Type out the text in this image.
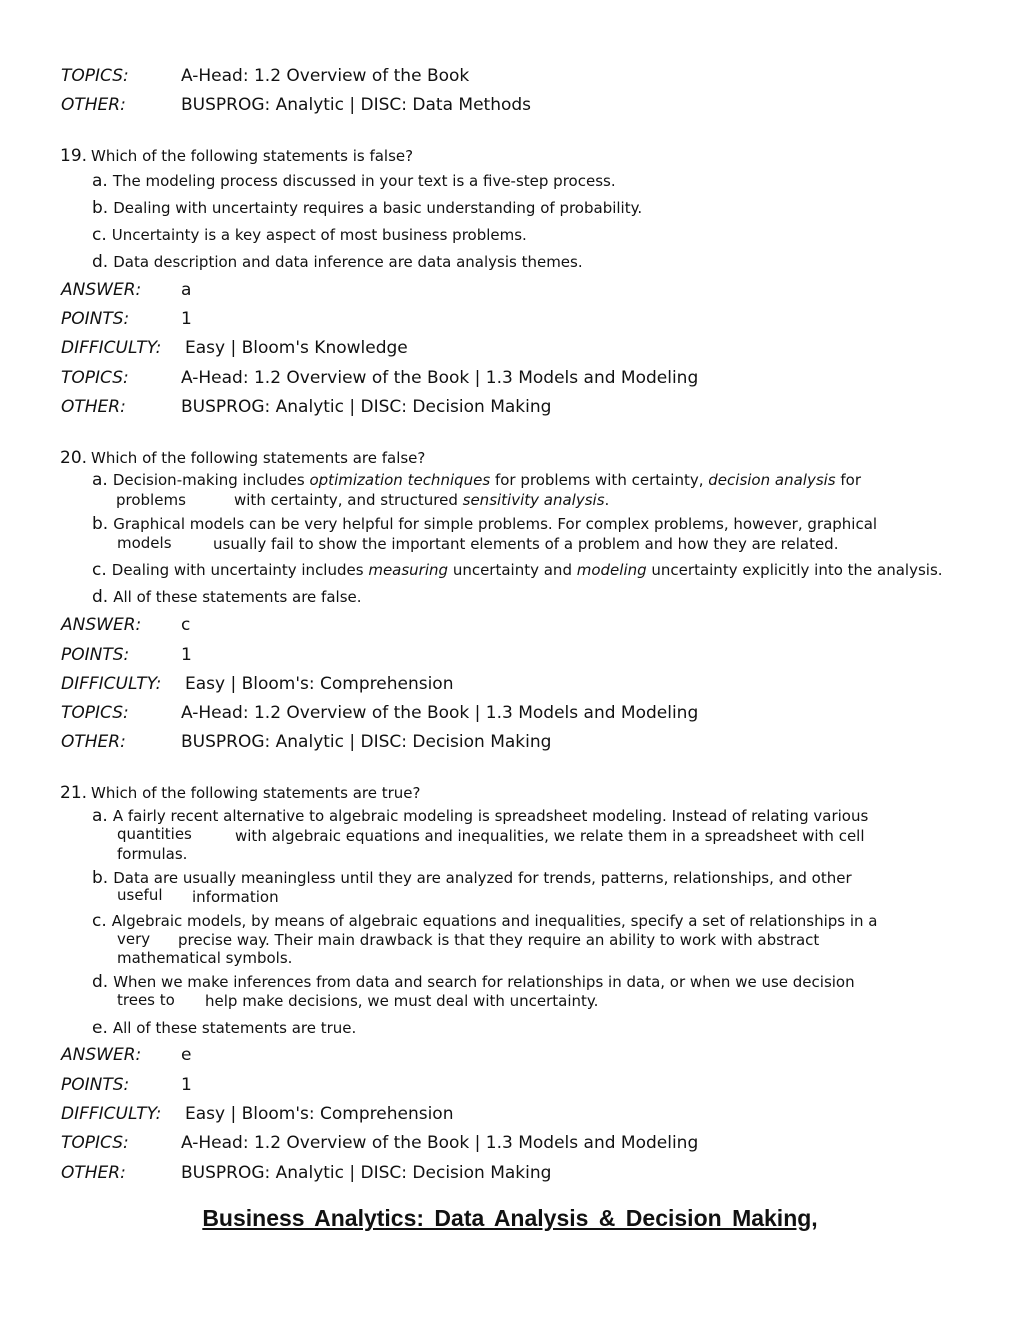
TOPICS:	A-Head: 1.2 Overview of the Book
OTHER:	BUSPROG: Analytic | DISC: Data Methods
19. Which of the following statements is false?
a. The modeling process discussed in your text is a five-step process.
b. Dealing with uncertainty requires a basic understanding of probability.
c. Uncertainty is a key aspect of most business problems.
d. Data description and data inference are data analysis themes.
ANSWER: a
POINTS:	1
DIFFICULTY: Easy | Bloom's Knowledge
TOPICS:	A-Head: 1.2 Overview of the Book | 1.3 Models and Modeling
OTHER:	BUSPROG: Analytic | DISC: Decision Making
20. Which of the following statements are false?
a. Decision-making includes optimization techniques for problems with certainty, decision analysis for
problems	with certainty, and structured sensitivity analysis.
b. Graphical models can be very helpful for simple problems. For complex problems, however, graphical
models	usually fail to show the important elements of a problem and how they are related.
c. Dealing with uncertainty includes measuring uncertainty and modeling uncertainty explicitly into the analysis.
d. All of these statements are false.
ANSWER: c
POINTS:	1
DIFFICULTY: Easy | Bloom's: Comprehension
TOPICS:	A-Head: 1.2 Overview of the Book | 1.3 Models and Modeling
OTHER:	BUSPROG: Analytic | DISC: Decision Making
21. Which of the following statements are true?
a. A fairly recent alternative to algebraic modeling is spreadsheet modeling. Instead of relating various
quantities	with algebraic equations and inequalities, we relate them in a spreadsheet with cell
formulas.
b. Data are usually meaningless until they are analyzed for trends, patterns, relationships, and other
useful information
c. Algebraic models, by means of algebraic equations and inequalities, specify a set of relationships in a
very precise way. Their main drawback is that they require an ability to work with abstract
mathematical symbols.
d. When we make inferences from data and search for relationships in data, or when we use decision
trees to help make decisions, we must deal with uncertainty.
e. All of these statements are true.
ANSWER: e
POINTS:	1
DIFFICULTY: Easy | Bloom's: Comprehension
TOPICS:	A-Head: 1.2 Overview of the Book | 1.3 Models and Modeling
OTHER:	BUSPROG: Analytic | DISC: Decision Making
Business Analytics: Data Analysis & Decision Making,
